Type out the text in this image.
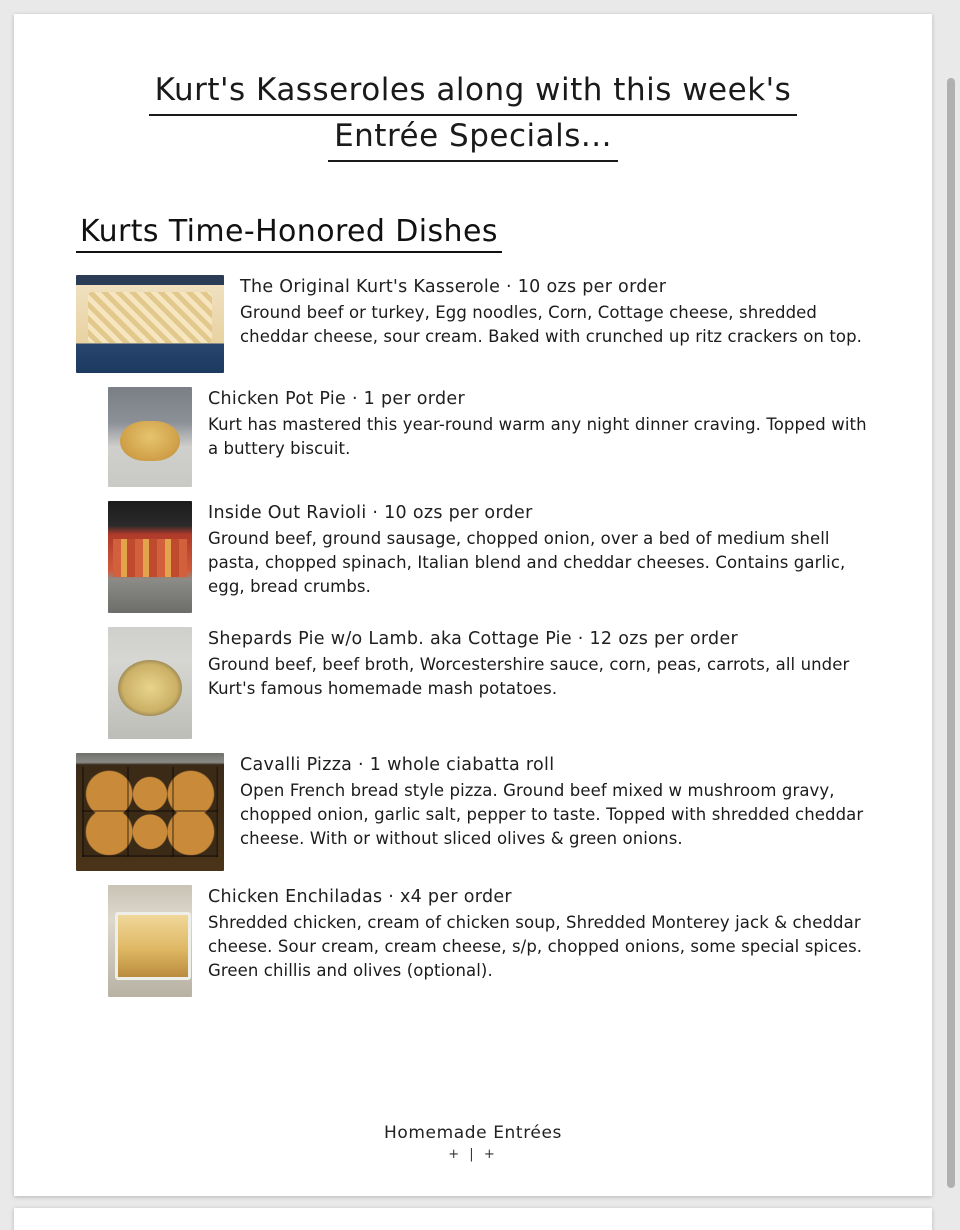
Kurt's Kasseroles along with this week's
Entrée Specials...
Kurts Time-Honored Dishes
The Original Kurt's Kasserole · 10 ozs per order
Ground beef or turkey, Egg noodles, Corn, Cottage cheese, shredded cheddar cheese, sour cream. Baked with crunched up ritz crackers on top.
Chicken Pot Pie · 1 per order
Kurt has mastered this year-round warm any night dinner craving. Topped with a buttery biscuit.
Inside Out Ravioli · 10 ozs per order
Ground beef, ground sausage, chopped onion, over a bed of medium shell pasta, chopped spinach, Italian blend and cheddar cheeses. Contains garlic, egg, bread crumbs.
Shepards Pie w/o Lamb. aka Cottage Pie · 12 ozs per order
Ground beef, beef broth, Worcestershire sauce, corn, peas, carrots, all under Kurt's famous homemade mash potatoes.
Cavalli Pizza · 1 whole ciabatta roll
Open French bread style pizza. Ground beef mixed w mushroom gravy, chopped onion, garlic salt, pepper to taste. Topped with shredded cheddar cheese. With or without sliced olives & green onions.
Chicken Enchiladas · x4 per order
Shredded chicken, cream of chicken soup, Shredded Monterey jack & cheddar cheese. Sour cream, cream cheese, s/p, chopped onions, some special spices. Green chillis and olives (optional).
Homemade Entrées
+ | +
